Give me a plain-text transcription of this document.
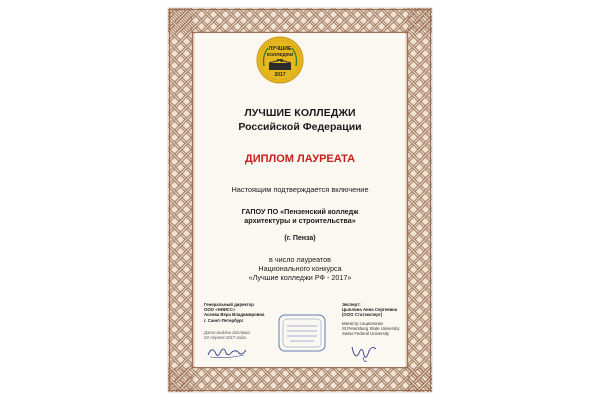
ЛУЧШИЕ
КОЛЛЕДЖИ
РФ
2017
ЛУЧШИЕ КОЛЛЕДЖИ
Российской Федерации
ДИПЛОМ ЛАУРЕАТА
Настоящим подтверждается включение
ГАПОУ ПО «Пензенский колледж
архитектуры и строительства»
(г. Пенза)
в число лауреатов
Национального конкурса
«Лучшие колледжи РФ - 2017»
Генеральный директор
ООО «НИИСС»
Асеева Вера Владимировна
г. Санкт-Петербург
Дата выдачи диплома:
03 Апреля 2017 года.
Эксперт:
Цыплина Анна Сергеевна
(ООО Статэксперт)
Магистр социологии
St.Petersburg State University
Swiss Federal University
